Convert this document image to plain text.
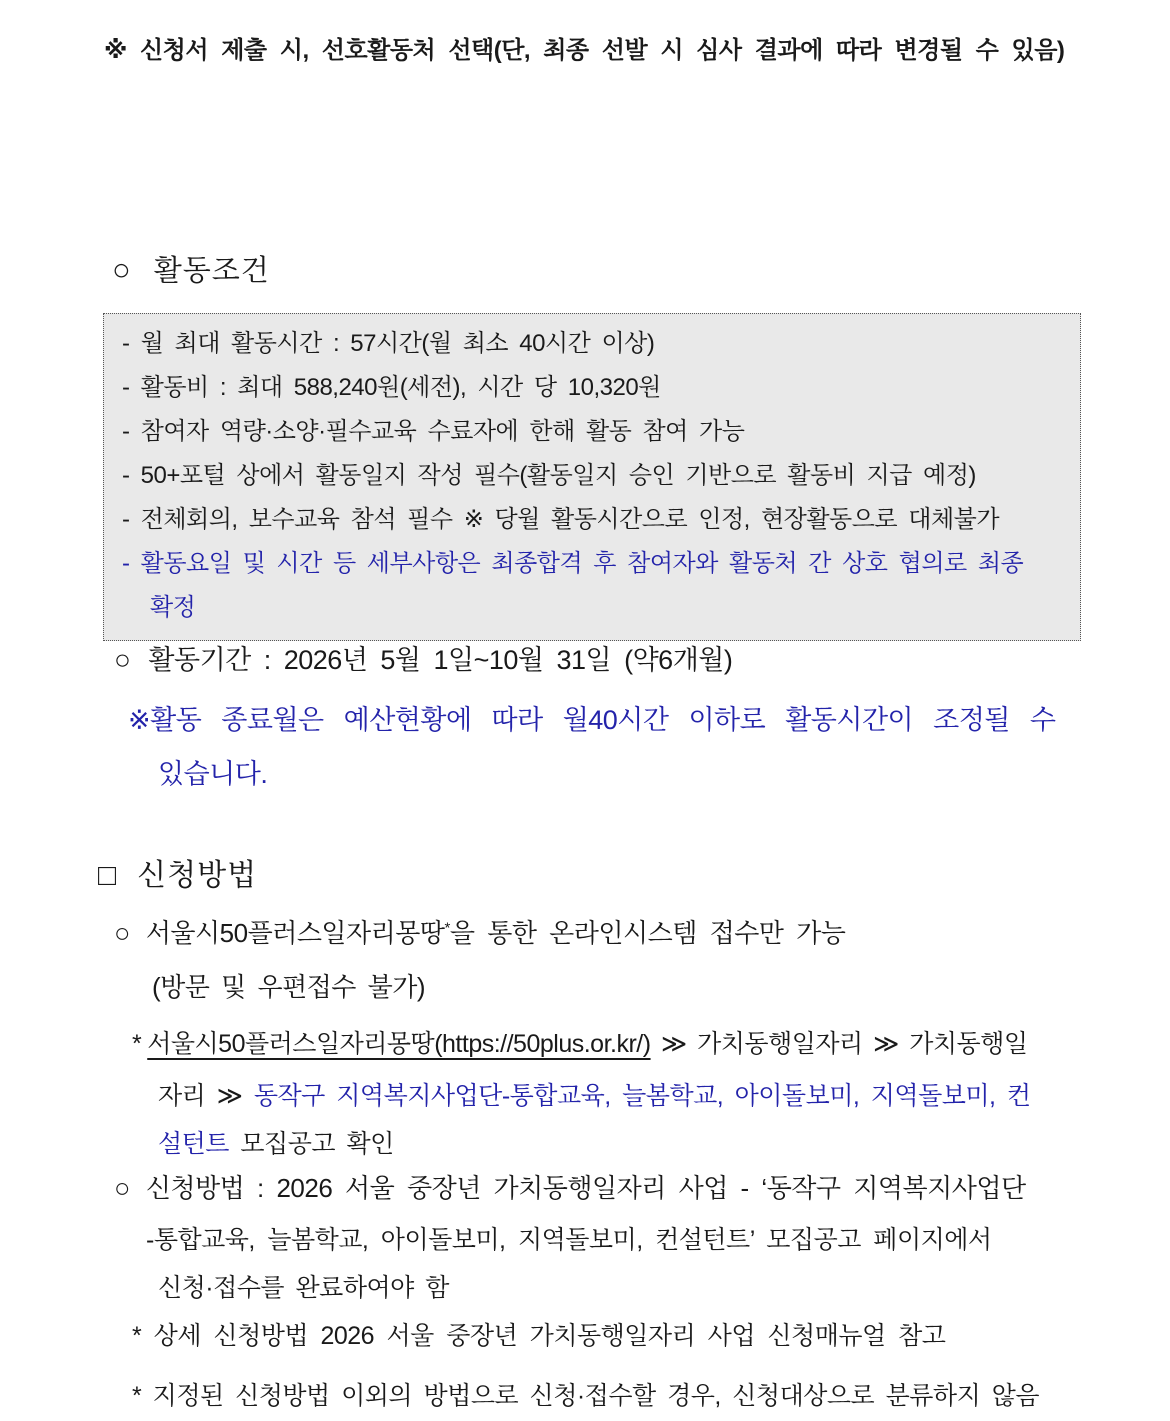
※ 신청서 제출 시, 선호활동처 선택(단, 최종 선발 시 심사 결과에 따라 변경될 수 있음)
○ 활동조건
- 월 최대 활동시간 : 57시간(월 최소 40시간 이상)
- 활동비 : 최대 588,240원(세전), 시간 당 10,320원
- 참여자 역량·소양·필수교육 수료자에 한해 활동 참여 가능
- 50+포털 상에서 활동일지 작성 필수(활동일지 승인 기반으로 활동비 지급 예정)
- 전체회의, 보수교육 참석 필수 ※ 당월 활동시간으로 인정, 현장활동으로 대체불가
- 활동요일 및 시간 등 세부사항은 최종합격 후 참여자와 활동처 간 상호 협의로 최종
확정
○ 활동기간 : 2026년 5월 1일~10월 31일 (약6개월)
※활동 종료월은 예산현황에 따라 월40시간 이하로 활동시간이 조정될 수
있습니다.
□ 신청방법
○ 서울시50플러스일자리몽땅*을 통한 온라인시스템 접수만 가능
(방문 및 우편접수 불가)
* 서울시50플러스일자리몽땅(https://50plus.or.kr/) ≫ 가치동행일자리 ≫ 가치동행일
자리 ≫ 동작구 지역복지사업단-통합교육, 늘봄학교, 아이돌보미, 지역돌보미, 컨
설턴트 모집공고 확인
○ 신청방법 : 2026 서울 중장년 가치동행일자리 사업 - ‘동작구 지역복지사업단
-통합교육, 늘봄학교, 아이돌보미, 지역돌보미, 컨설턴트’ 모집공고 페이지에서
신청·접수를 완료하여야 함
* 상세 신청방법 2026 서울 중장년 가치동행일자리 사업 신청매뉴얼 참고
* 지정된 신청방법 이외의 방법으로 신청·접수할 경우, 신청대상으로 분류하지 않음
